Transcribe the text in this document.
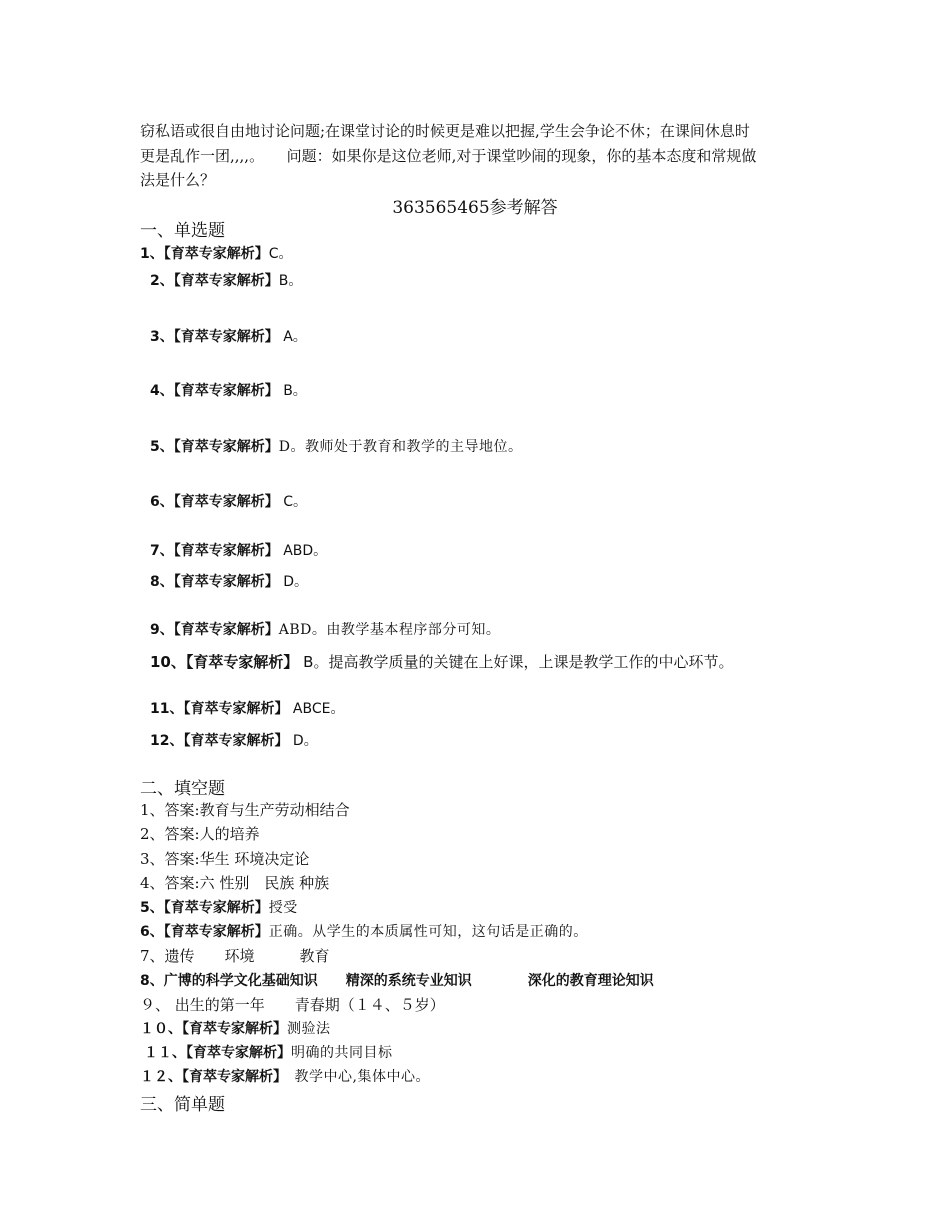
窃私语或很自由地讨论问题;在课堂讨论的时候更是难以把握,学生会争论不休；在课间休息时
更是乱作一团,,,,。　　问题：如果你是这位老师,对于课堂吵闹的现象，你的基本态度和常规做
法是什么？
363565465参考解答
一、单选题
1、【育萃专家解析】C。
2、【育萃专家解析】B。
3、【育萃专家解析】 A。
4、【育萃专家解析】 B。
5、【育萃专家解析】D。教师处于教育和教学的主导地位。
6、【育萃专家解析】 C。
7、【育萃专家解析】 ABD。
8、【育萃专家解析】 D。
9、【育萃专家解析】ABD。由教学基本程序部分可知。
10、【育萃专家解析】 B。提高教学质量的关键在上好课，上课是教学工作的中心环节。
11、【育萃专家解析】 ABCE。
12、【育萃专家解析】 D。
二、填空题
1、答案:教育与生产劳动相结合
2、答案:人的培养
3、答案:华生 环境决定论
4、答案:六 性别　民族 种族
5、【育萃专家解析】授受
6、【育萃专家解析】正确。从学生的本质属性可知，这句话是正确的。
7、遗传　　环境　　　教育
8、广博的科学文化基础知识　　精深的系统专业知识　　　　深化的教育理论知识
９、 出生的第一年　　青春期（１４、５岁）
１０、【育萃专家解析】测验法
１１、【育萃专家解析】明确的共同目标
１２、【育萃专家解析】　教学中心,集体中心。
三、简单题
